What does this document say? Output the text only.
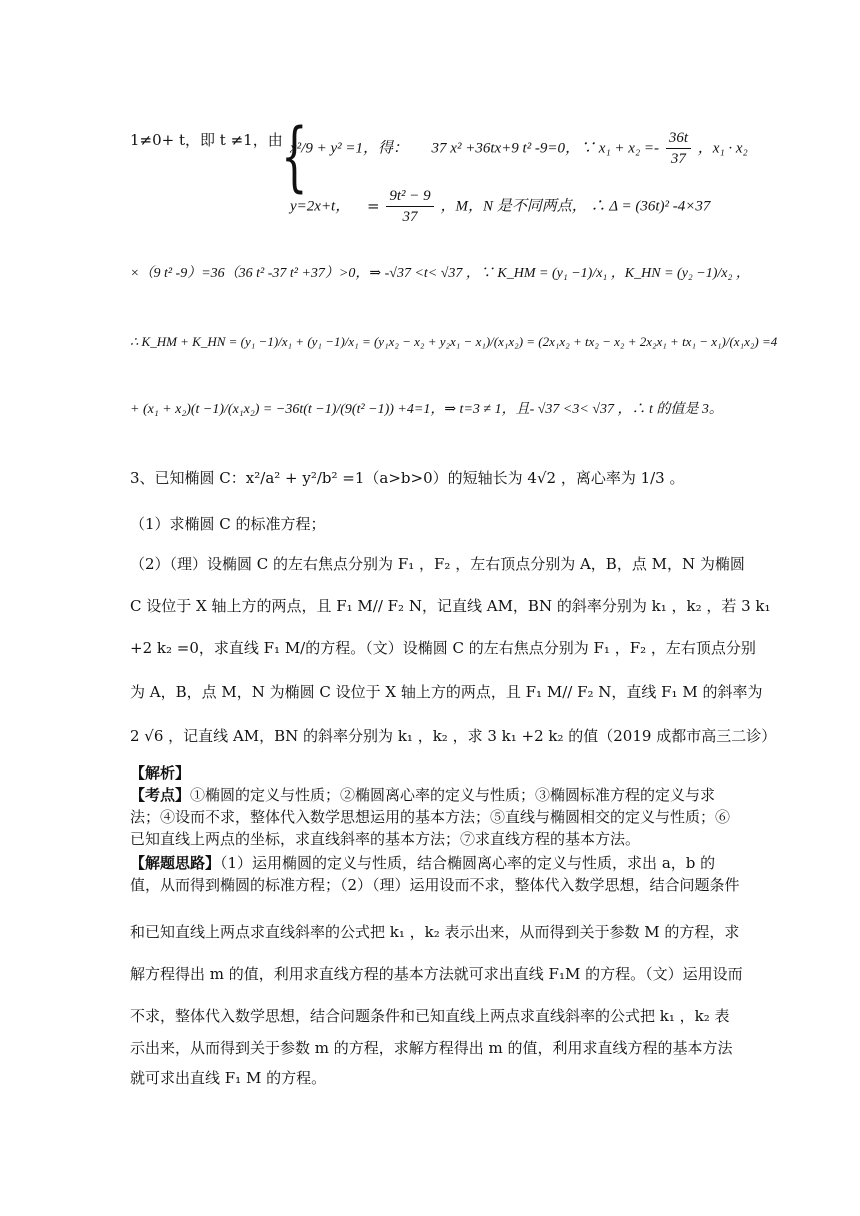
1≠0+ t，即 t ≠1，由
{
x²/9 + y² =1，得： 37 x² +36tx+9 t² -9=0，∵ $x_1 + x_2 =- \frac{36t}{37}$ ，x₁ · x₂
y=2x+t， = $\frac{\text{9t² − 9}}{37}$ ，M，N 是不同两点， ∴ Δ = (36t)² -4×37
×（9 t² -9）=36（36 t² -37 t² +37）>0，⇒ -√37 <t< √37 ，∵ K_HM = (y₁ −1)/x₁ ，K_HN = (y₂ −1)/x₂ ，
∴ K_HM + K_HN = (y₁ −1)/x₁ + (y₁ −1)/x₁ = (y₁x₂ − x₂ + y₂x₁ − x₁)/(x₁x₂) = (2x₁x₂ + tx₂ − x₂ + 2x₂x₁ + tx₁ − x₁)/(x₁x₂) =4
+ (x₁ + x₂)(t −1)/(x₁x₂) = −36t(t −1)/(9(t² −1)) +4=1，⇒ t=3 ≠ 1，且- √37 <3< √37 ，∴ t 的值是 3。
3、已知椭圆 C：x²/a² + y²/b² =1（a>b>0）的短轴长为 4√2 ，离心率为 1/3 。
（1）求椭圆 C 的标准方程；
（2）（理）设椭圆 C 的左右焦点分别为 F₁ ，F₂ ，左右顶点分别为 A，B，点 M，N 为椭圆
C 设位于 X 轴上方的两点，且 F₁ M// F₂ N，记直线 AM，BN 的斜率分别为 k₁ ，k₂ ，若 3 k₁
+2 k₂ =0，求直线 F₁ M/的方程。（文）设椭圆 C 的左右焦点分别为 F₁ ，F₂ ，左右顶点分别
为 A，B，点 M，N 为椭圆 C 设位于 X 轴上方的两点，且 F₁ M// F₂ N，直线 F₁ M 的斜率为
2 √6 ，记直线 AM，BN 的斜率分别为 k₁ ，k₂ ，求 3 k₁ +2 k₂ 的值（2019 成都市高三二诊）
【解析】
【考点】①椭圆的定义与性质；②椭圆离心率的定义与性质；③椭圆标准方程的定义与求法；④设而不求，整体代入数学思想运用的基本方法；⑤直线与椭圆相交的定义与性质；⑥已知直线上两点的坐标，求直线斜率的基本方法；⑦求直线方程的基本方法。
【解题思路】（1）运用椭圆的定义与性质，结合椭圆离心率的定义与性质，求出 a，b 的值，从而得到椭圆的标准方程；（2）（理）运用设而不求，整体代入数学思想，结合问题条件
和已知直线上两点求直线斜率的公式把 k₁ ，k₂ 表示出来，从而得到关于参数 M 的方程，求
解方程得出 m 的值，利用求直线方程的基本方法就可求出直线 F₁M 的方程。（文）运用设而
不求，整体代入数学思想，结合问题条件和已知直线上两点求直线斜率的公式把 k₁ ，k₂ 表
示出来，从而得到关于参数 m 的方程，求解方程得出 m 的值，利用求直线方程的基本方法
就可求出直线 F₁ M 的方程。
